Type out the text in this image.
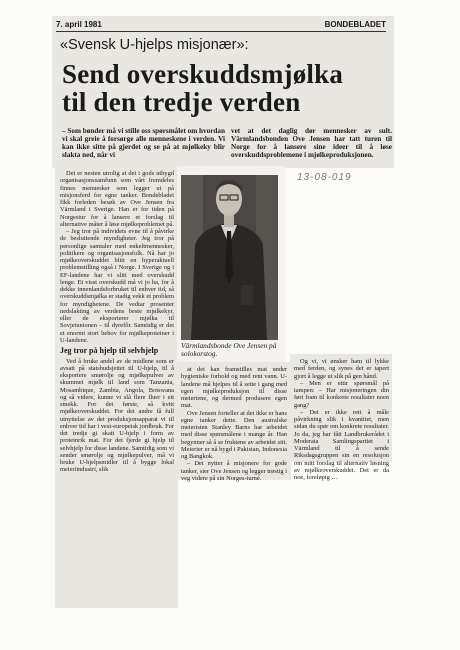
7. april 1981	BONDEBLADET
«Svensk U-hjelps misjonær»:
Send overskuddsmjølka
til den tredje verden
– Som bønder må vi stille oss spørsmålet om hvordan vi skal greie å forsørge alle menneskene i verden. Vi kan ikke sitte på gjerdet og se på at mjølkeky blir slakta ned, når vi
vet at det daglig dør mennesker av sult. Värmlandsbonden Ove Jensen har tatt turen til Norge for å lansere sine ideer til å løse overskuddsproblemene i mjølkeproduksjonen.
13-08-019
Värmlandsbonde Ove Jensen på solokorstog.

Det er nesten utrolig at det i gods utbygd organisasjonssamfunn som vårt fremdeles finnes mennesker som legger ut på misjonsferd for egne tanker. Bondebladet fikk forleden besøk av Ove Jensen fra Värmland i Sverige. Han er for tiden på Norgestur for å lansere et forslag til alternative måter å løse mjølkeproblemet på.

– Jeg tror på individets evne til å påvirke de besluttende myndigheter. Jeg tror på personlige samtaler med enkeltmennesker, politikere og organisasjonsfolk. Nå har jo mjølkeoverskuddet blitt en hyperaktuell problemstilling også i Norge. I Sverige og i EF-landene har vi slitt med overskudd lenge. Et visst overskudd må vi jo ha, for å dekke innenlandsforbruket til enhver tid, så overskuddsmjølka er stadig vekk et problem for myndighetene. De vedtar prosenter nedslakting av verdens beste mjølkekyr, eller de eksporterer mjølka til Sovjetunionen – til dyrefôr. Samtidig er det et enormt stort behov for mjølkeproteiner i U-landene.

Jeg tror på hjelp til selvhjelp

Ved å bruke andel av de midlene som er avsatt på statsbudsjettet til U-hjelp, til å eksportere smørolje og mjølkepulver av skummet mjølk til land som Tanzania, Mosambique, Zambia, Angola, Botswana og så videre, kunne vi slå flere fluer i ett smekk. For det første, så kvitt mjølkeoverskuddet. For det andre få full utnyttelse av det produksjonsapparat vi til enhver tid har i vest-europeisk jordbruk. For det tredje gi skatt U-hjelp i form av proteinrik mat. For det fjerde gi hjelp til selvhjelp for disse landene. Samtidig som vi sender smørolje og mjølkepulver, må vi bruke U-hjelpsmidler til å bygge lokal meieriindustri, slik

at det kan framstilles mat under hygieniske forhold og med rent vann. U-landene må hjelpes til å sette i gang med egen mjølkeproduksjon til disse meieriene, og dermed produsere egen mat.

Ove Jensen forteller at det ikke er hans egne tanker dette. Den australske meieristen Stanley Barns har arbeidet med disse spørsmålene i mange år. Han begynner så å se fruktene av arbeidet sitt. Meierier er nå bygd i Pakistan, Indonesia og Bangkok.

– Det nytter å misjonere for gode tanker, sier Ove Jensen og legger trøstig i veg videre på sin Norges-turné.

Og vi, vi ønsker ham til lykke med ferden, og synes det er tapert gjort å legge ut slik på gen hånd.

– Men er ettir spørsmål på tampen: – Har misjoneringen din ført fram til konkrete resultater noen gang?

– Det er ikke rett å måle påvirkning slik i kvantitet, men sidan du spør om konkrete resultater. Jo da, jeg har fått Landbrukerådet i Moderata Samlingspartiet i Värmland til å sende Riksdagsgruppen sin en resolusjon om mitt forslag til alternativ løsning av mjølkeoverskuddet. Det er da noe, foreløpig …
